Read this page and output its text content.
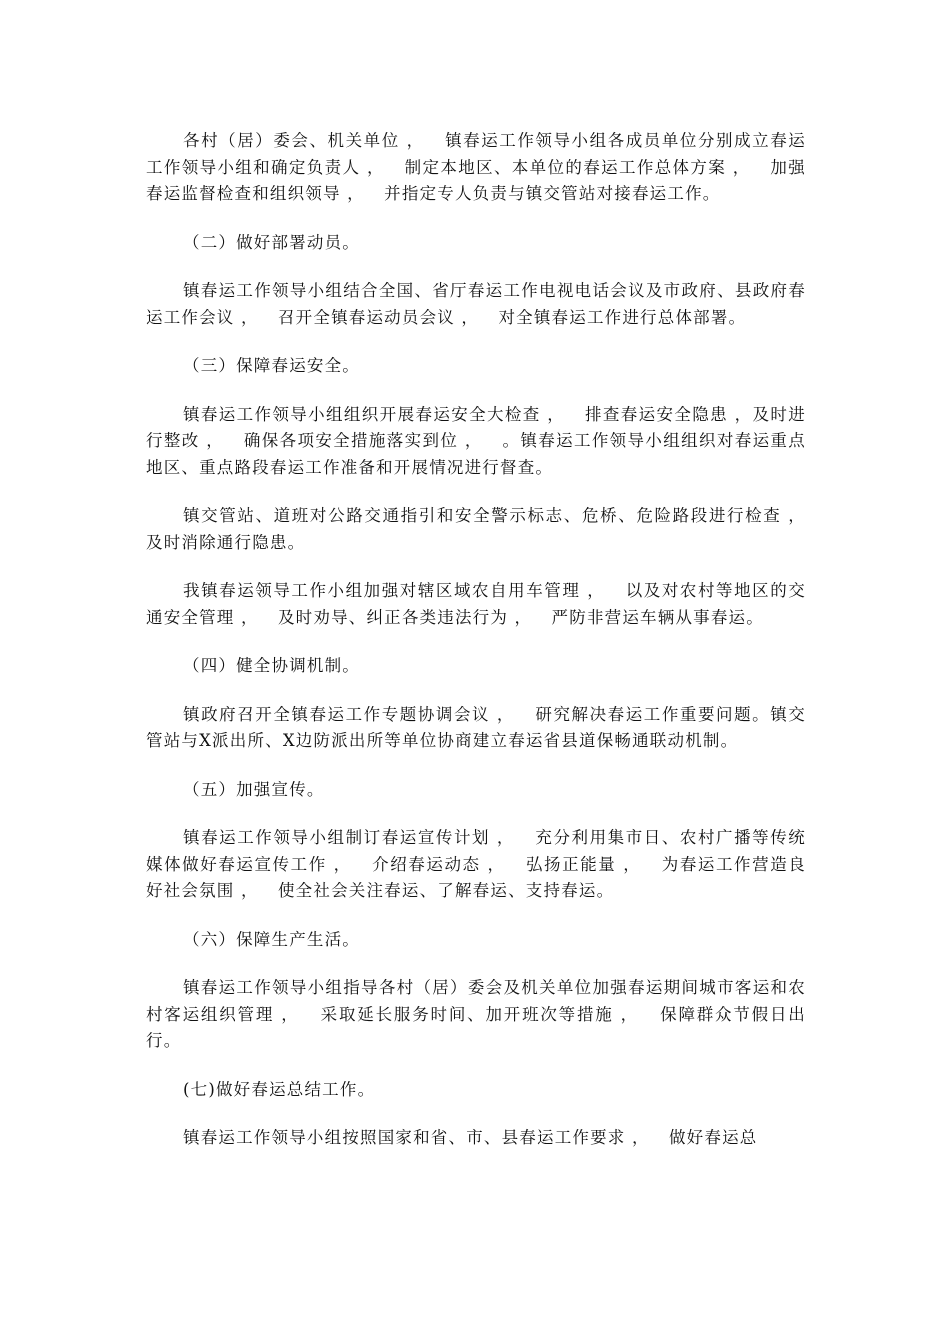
各村（居）委会、机关单位 ，   镇春运工作领导小组各成员单位分别成立春运工作领导小组和确定负责人 ，   制定本地区、本单位的春运工作总体方案 ，   加强春运监督检查和组织领导 ，   并指定专人负责与镇交管站对接春运工作。

（二）做好部署动员。

镇春运工作领导小组结合全国、省厅春运工作电视电话会议及市政府、县政府春运工作会议 ，   召开全镇春运动员会议 ，   对全镇春运工作进行总体部署。

（三）保障春运安全。

镇春运工作领导小组组织开展春运安全大检查 ，   排查春运安全隐患 ，及时进行整改 ，   确保各项安全措施落实到位 ，   。镇春运工作领导小组组织对春运重点地区、重点路段春运工作准备和开展情况进行督查。

镇交管站、道班对公路交通指引和安全警示标志、危桥、危险路段进行检查 ，   及时消除通行隐患。

我镇春运领导工作小组加强对辖区域农自用车管理 ，   以及对农村等地区的交通安全管理 ，   及时劝导、纠正各类违法行为 ，   严防非营运车辆从事春运。

（四）健全协调机制。

镇政府召开全镇春运工作专题协调会议 ，   研究解决春运工作重要问题。镇交管站与X派出所、X边防派出所等单位协商建立春运省县道保畅通联动机制。

（五）加强宣传。

镇春运工作领导小组制订春运宣传计划 ，   充分利用集市日、农村广播等传统媒体做好春运宣传工作 ，   介绍春运动态 ，   弘扬正能量 ，   为春运工作营造良好社会氛围 ，   使全社会关注春运、了解春运、支持春运。

（六）保障生产生活。

镇春运工作领导小组指导各村（居）委会及机关单位加强春运期间城市客运和农村客运组织管理 ，   采取延长服务时间、加开班次等措施 ，   保障群众节假日出行。

(七)做好春运总结工作。

镇春运工作领导小组按照国家和省、市、县春运工作要求 ，   做好春运总
